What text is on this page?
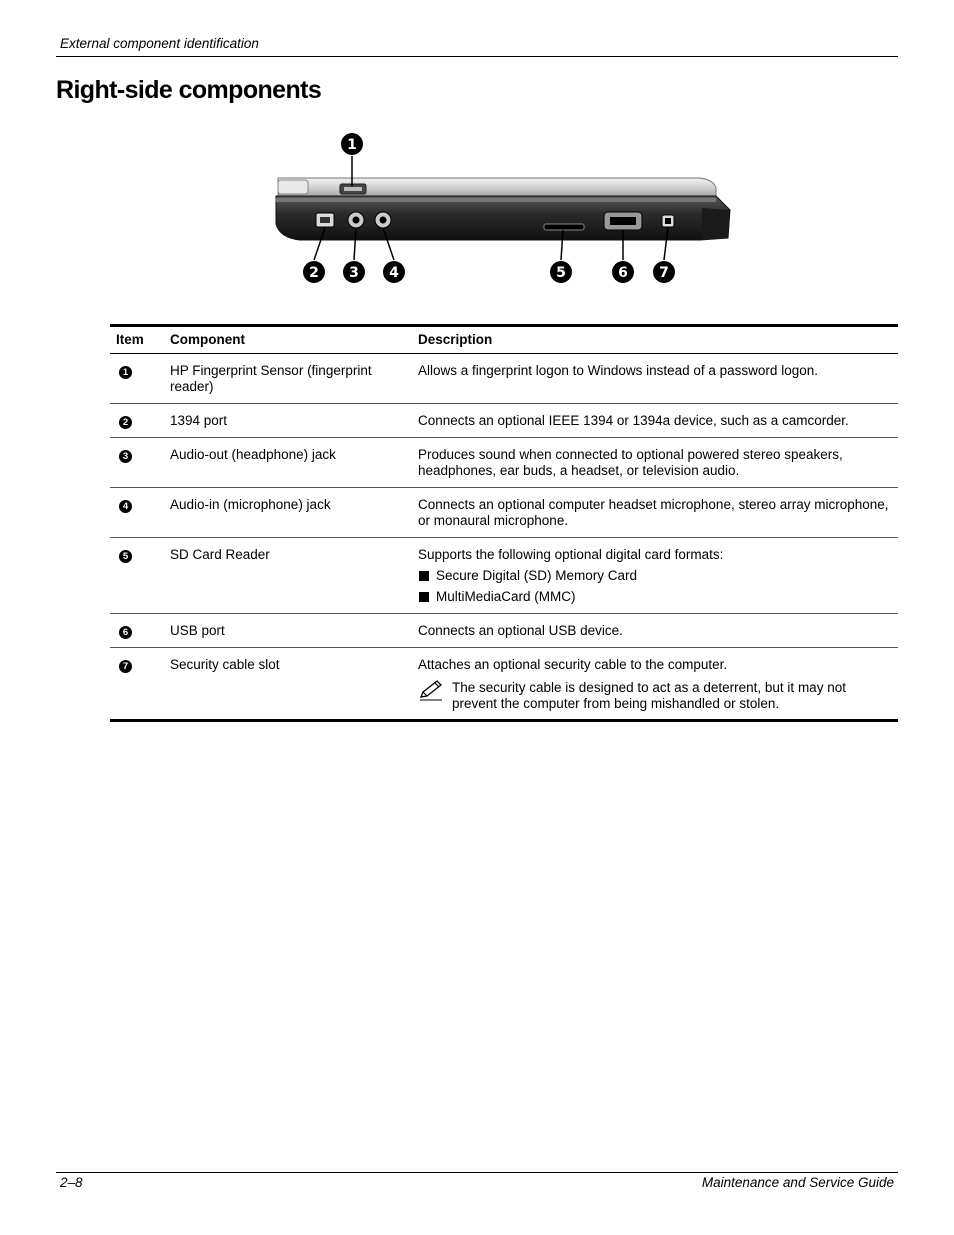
External component identification
Right-side components
1
2 3 4	5	6 7
Item	Component	Description
1	HP Fingerprint Sensor (fingerprint reader)	Allows a fingerprint logon to Windows instead of a password logon.
2	1394 port	Connects an optional IEEE 1394 or 1394a device, such as a camcorder.
3	Audio-out (headphone) jack	Produces sound when connected to optional powered stereo speakers, headphones, ear buds, a headset, or television audio.
4	Audio-in (microphone) jack	Connects an optional computer headset microphone, stereo array microphone, or monaural microphone.
5	SD Card Reader	Supports the following optional digital card formats:
Secure Digital (SD) Memory Card
MultiMediaCard (MMC)

6	USB port	Connects an optional USB device.
7	Security cable slot	Attaches an optional security cable to the computer.
The security cable is designed to act as a deterrent, but it may not prevent the computer from being mishandled or stolen.
2–8	Maintenance and Service Guide
